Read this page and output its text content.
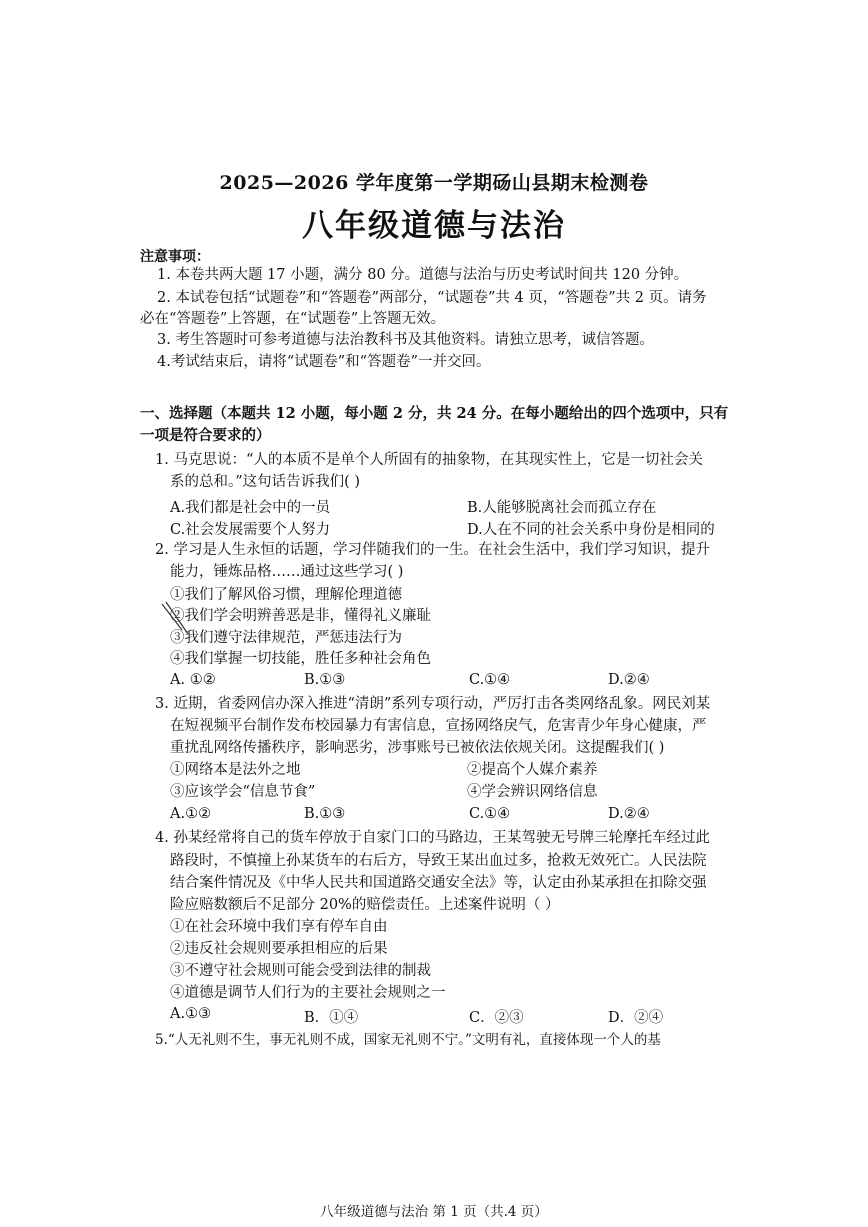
2025—2026 学年度第一学期砀山县期末检测卷
八年级道德与法治
注意事项：
1. 本卷共两大题 17 小题，满分 80 分。道德与法治与历史考试时间共 120 分钟。
2. 本试卷包括“试题卷”和“答题卷”两部分，“试题卷”共 4 页，“答题卷”共 2 页。请务
必在“答题卷”上答题，在“试题卷”上答题无效。
3. 考生答题时可参考道德与法治教科书及其他资料。请独立思考，诚信答题。
4.考试结束后，请将“试题卷”和“答题卷”一并交回。
一、选择题（本题共 12 小题，每小题 2 分，共 24 分。在每小题给出的四个选项中，只有
一项是符合要求的）
1. 马克思说：“人的本质不是单个人所固有的抽象物，在其现实性上，它是一切社会关
系的总和。”这句话告诉我们( )
A.我们都是社会中的一员	B.人能够脱离社会而孤立存在
C.社会发展需要个人努力	D.人在不同的社会关系中身份是相同的
2. 学习是人生永恒的话题，学习伴随我们的一生。在社会生活中，我们学习知识，提升
能力，锤炼品格……通过这些学习( )
①我们了解风俗习惯，理解伦理道德
②我们学会明辨善恶是非，懂得礼义廉耻
③我们遵守法律规范，严惩违法行为
④我们掌握一切技能，胜任多种社会角色
A. ①②	B.①③	C.①④	D.②④
3. 近期，省委网信办深入推进“清朗”系列专项行动，严厉打击各类网络乱象。网民刘某
在短视频平台制作发布校园暴力有害信息，宣扬网络戾气，危害青少年身心健康，严
重扰乱网络传播秩序，影响恶劣，涉事账号已被依法依规关闭。这提醒我们( )
①网络本是法外之地	②提高个人媒介素养
③应该学会“信息节食”	④学会辨识网络信息
A.①②	B.①③	C.①④	D.②④
4. 孙某经常将自己的货车停放于自家门口的马路边，王某驾驶无号牌三轮摩托车经过此
路段时，不慎撞上孙某货车的右后方，导致王某出血过多，抢救无效死亡。人民法院
结合案件情况及《中华人民共和国道路交通安全法》等，认定由孙某承担在扣除交强
险应赔数额后不足部分 20%的赔偿责任。上述案件说明（ ）
①在社会环境中我们享有停车自由
②违反社会规则要承担相应的后果
③不遵守社会规则可能会受到法律的制裁
④道德是调节人们行为的主要社会规则之一
A.①③	B．①④	C．②③	D．②④
5.“人无礼则不生，事无礼则不成，国家无礼则不宁。”文明有礼，直接体现一个人的基
八年级道德与法治 第 1 页（共.4 页）
